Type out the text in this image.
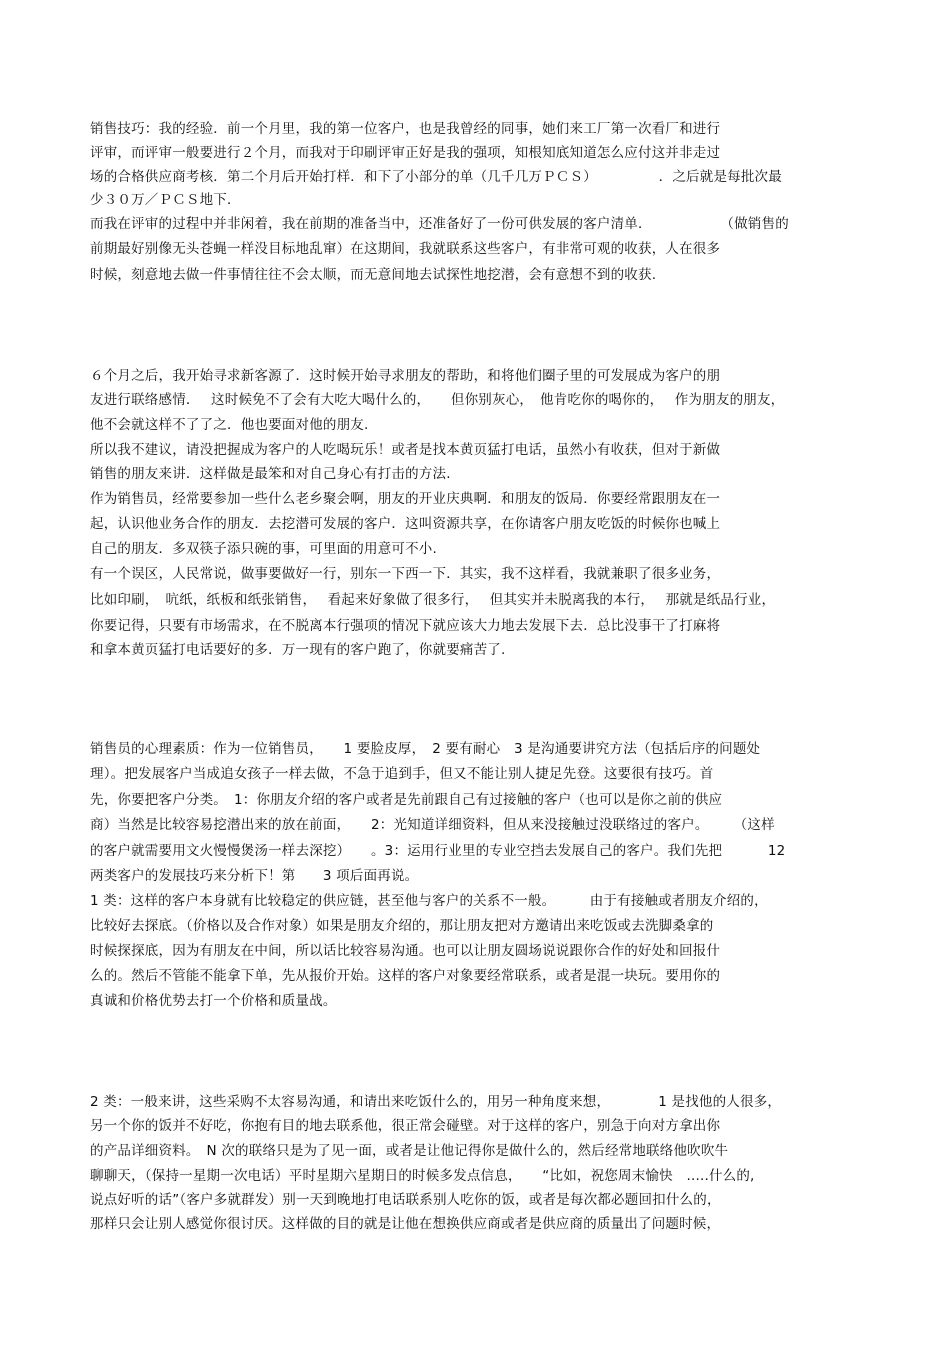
销售技巧：我的经验．前一个月里，我的第一位客户，也是我曾经的同事，她们来工厂第一次看厂和进行
评审，而评审一般要进行２个月，而我对于印刷评审正好是我的强项，知根知底知道怎么应付这并非走过
场的合格供应商考核．第二个月后开始打样．和下了小部分的单（几千几万ＰＣＳ）　　　　　．之后就是每批次最
少３０万／ＰＣＳ地下．
而我在评审的过程中并非闲着，我在前期的准备当中，还准备好了一份可供发展的客户清单．　　　　　　（做销售的
前期最好别像无头苍蝇一样没目标地乱窜）在这期间，我就联系这些客户，有非常可观的收获，人在很多
时候，刻意地去做一件事情往往不会太顺，而无意间地去试探性地挖潜，会有意想不到的收获.
６个月之后，我开始寻求新客源了．这时候开始寻求朋友的帮助，和将他们圈子里的可发展成为客户的朋
友进行联络感情．　 这时候免不了会有大吃大喝什么的，　　但你别灰心，　他肯吃你的喝你的，　 作为朋友的朋友，
他不会就这样不了了之．他也要面对他的朋友.
所以我不建议，请没把握成为客户的人吃喝玩乐！或者是找本黄页猛打电话，虽然小有收获，但对于新做
销售的朋友来讲．这样做是最笨和对自己身心有打击的方法.
作为销售员，经常要参加一些什么老乡聚会啊，朋友的开业庆典啊．和朋友的饭局．你要经常跟朋友在一
起，认识他业务合作的朋友．去挖潜可发展的客户．这叫资源共享，在你请客户朋友吃饭的时候你也喊上
自己的朋友．多双筷子添只碗的事，可里面的用意可不小.
有一个误区，人民常说，做事要做好一行，别东一下西一下．其实，我不这样看，我就兼职了很多业务，
比如印刷，　吭纸，纸板和纸张销售，　 看起来好象做了很多行，　 但其实并未脱离我的本行，　 那就是纸品行业，
你要记得，只要有市场需求，在不脱离本行强项的情况下就应该大力地去发展下去．总比没事干了打麻将
和拿本黄页猛打电话要好的多．万一现有的客户跑了，你就要痛苦了.
销售员的心理素质：作为一位销售员，　　1 要脸皮厚，　2 要有耐心　3 是沟通要讲究方法（包括后序的问题处
理）。把发展客户当成追女孩子一样去做，不急于追到手，但又不能让别人捷足先登。这要很有技巧。首
先，你要把客户分类。　1：你朋友介绍的客户或者是先前跟自己有过接触的客户（也可以是你之前的供应
商）当然是比较容易挖潜出来的放在前面，　　2：光知道详细资料，但从来没接触过没联络过的客户。　　 （这样
的客户就需要用文火慢慢煲汤一样去深挖）　　。3：运用行业里的专业空挡去发展自己的客户。我们先把　　　 12
两类客户的发展技巧来分析下！第　　3 项后面再说。
1 类：这样的客户本身就有比较稳定的供应链，甚至他与客户的关系不一般。　　　由于有接触或者朋友介绍的，
比较好去探底。（价格以及合作对象）如果是朋友介绍的，那让朋友把对方邀请出来吃饭或去洗脚桑拿的
时候探探底，因为有朋友在中间，所以话比较容易沟通。也可以让朋友圆场说说跟你合作的好处和回报什
么的。然后不管能不能拿下单，先从报价开始。这样的客户对象要经常联系，或者是混一块玩。要用你的
真诚和价格优势去打一个价格和质量战。
2 类：一般来讲，这些采购不太容易沟通，和请出来吃饭什么的，用另一种角度来想，　　　　1 是找他的人很多，
另一个你的饭并不好吃，你抱有目的地去联系他，很正常会碰壁。对于这样的客户，别急于向对方拿出你
的产品详细资料。　N 次的联络只是为了见一面，或者是让他记得你是做什么的，然后经常地联络他吹吹牛
聊聊天，（保持一星期一次电话）平时星期六星期日的时候多发点信息，　　“比如，祝您周末愉快　.....什么的,
说点好听的话”（客户多就群发）别一天到晚地打电话联系别人吃你的饭，或者是每次都必题回扣什么的，
那样只会让别人感觉你很讨厌。这样做的目的就是让他在想换供应商或者是供应商的质量出了问题时候，
